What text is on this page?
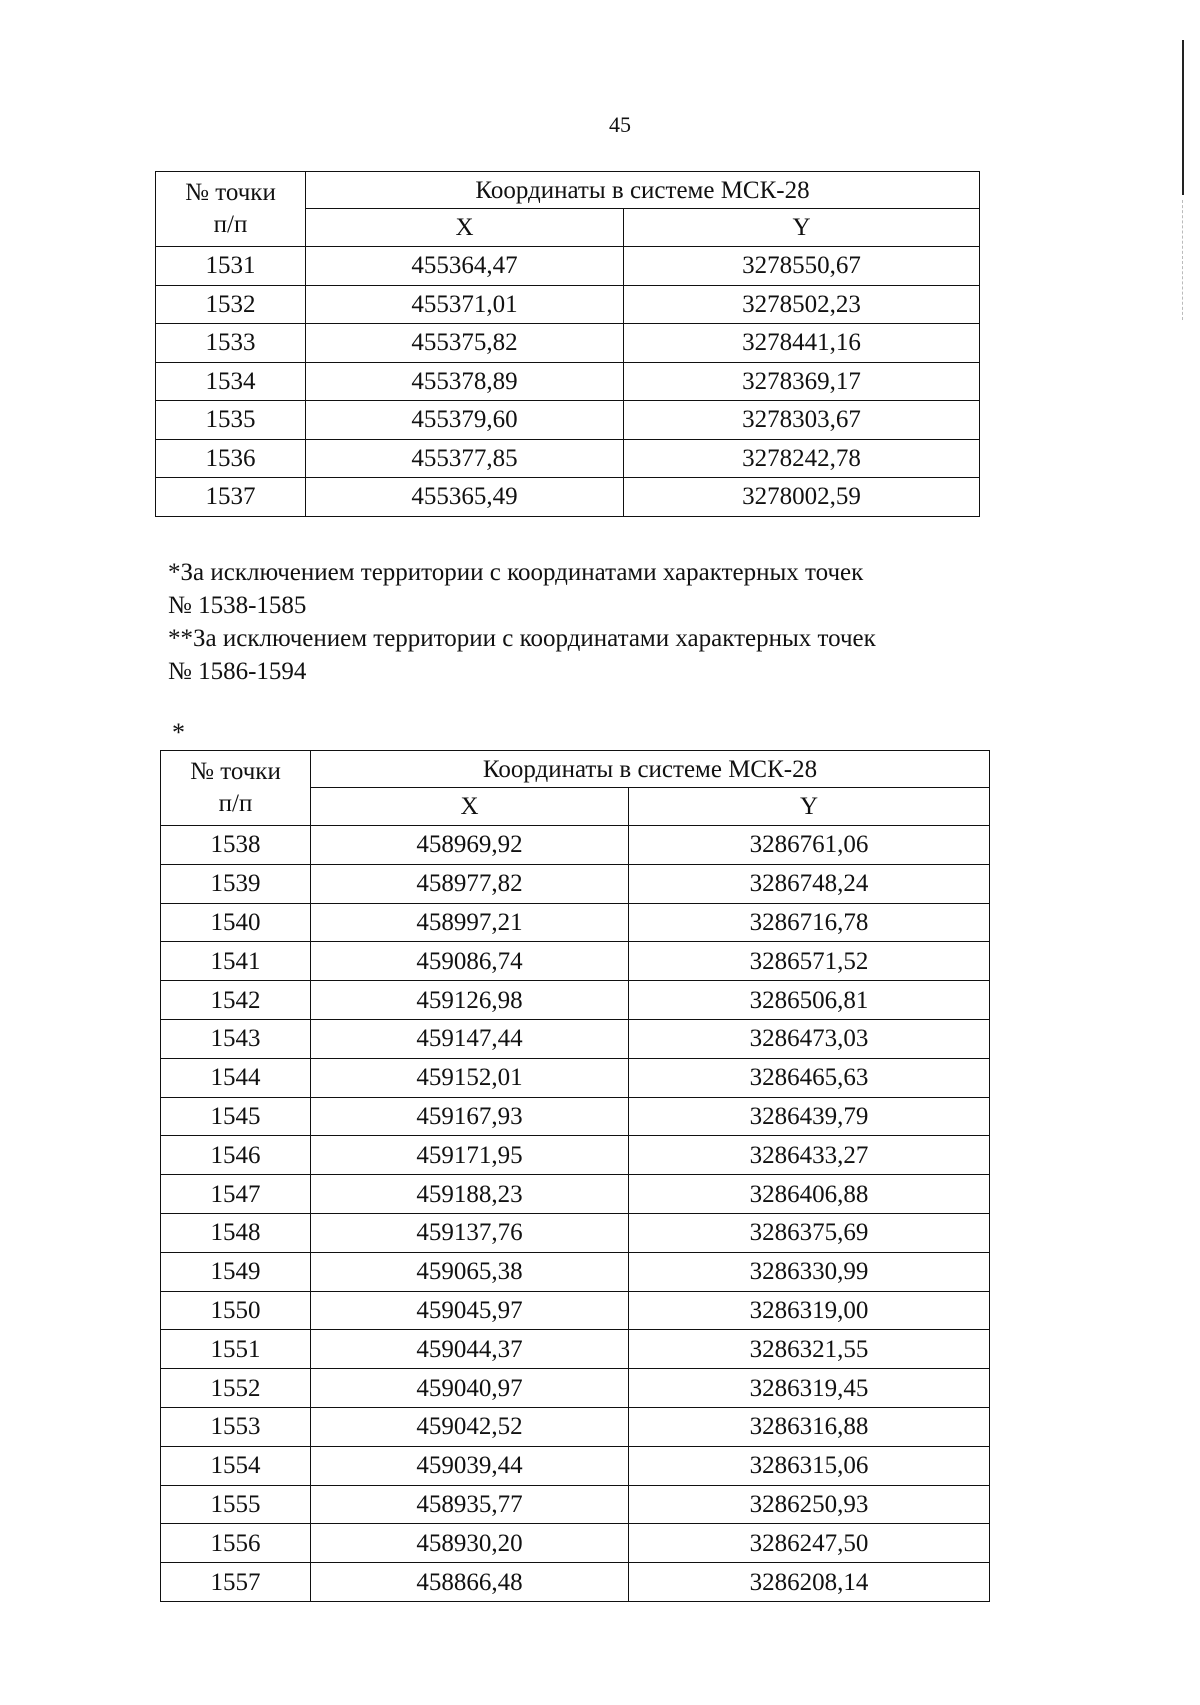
45
№ точки п/п	Координаты в системе МСК-28	
	X	Y
1531	455364,47	3278550,67
1532	455371,01	3278502,23
1533	455375,82	3278441,16
1534	455378,89	3278369,17
1535	455379,60	3278303,67
1536	455377,85	3278242,78
1537	455365,49	3278002,59

*За исключением территории с координатами характерных точек

№ 1538-1585

**За исключением территории с координатами характерных точек

№ 1586-1594

*
№ точки п/п	Координаты в системе МСК-28	
	X	Y
1538	458969,92	3286761,06
1539	458977,82	3286748,24
1540	458997,21	3286716,78
1541	459086,74	3286571,52
1542	459126,98	3286506,81
1543	459147,44	3286473,03
1544	459152,01	3286465,63
1545	459167,93	3286439,79
1546	459171,95	3286433,27
1547	459188,23	3286406,88
1548	459137,76	3286375,69
1549	459065,38	3286330,99
1550	459045,97	3286319,00
1551	459044,37	3286321,55
1552	459040,97	3286319,45
1553	459042,52	3286316,88
1554	459039,44	3286315,06
1555	458935,77	3286250,93
1556	458930,20	3286247,50
1557	458866,48	3286208,14
